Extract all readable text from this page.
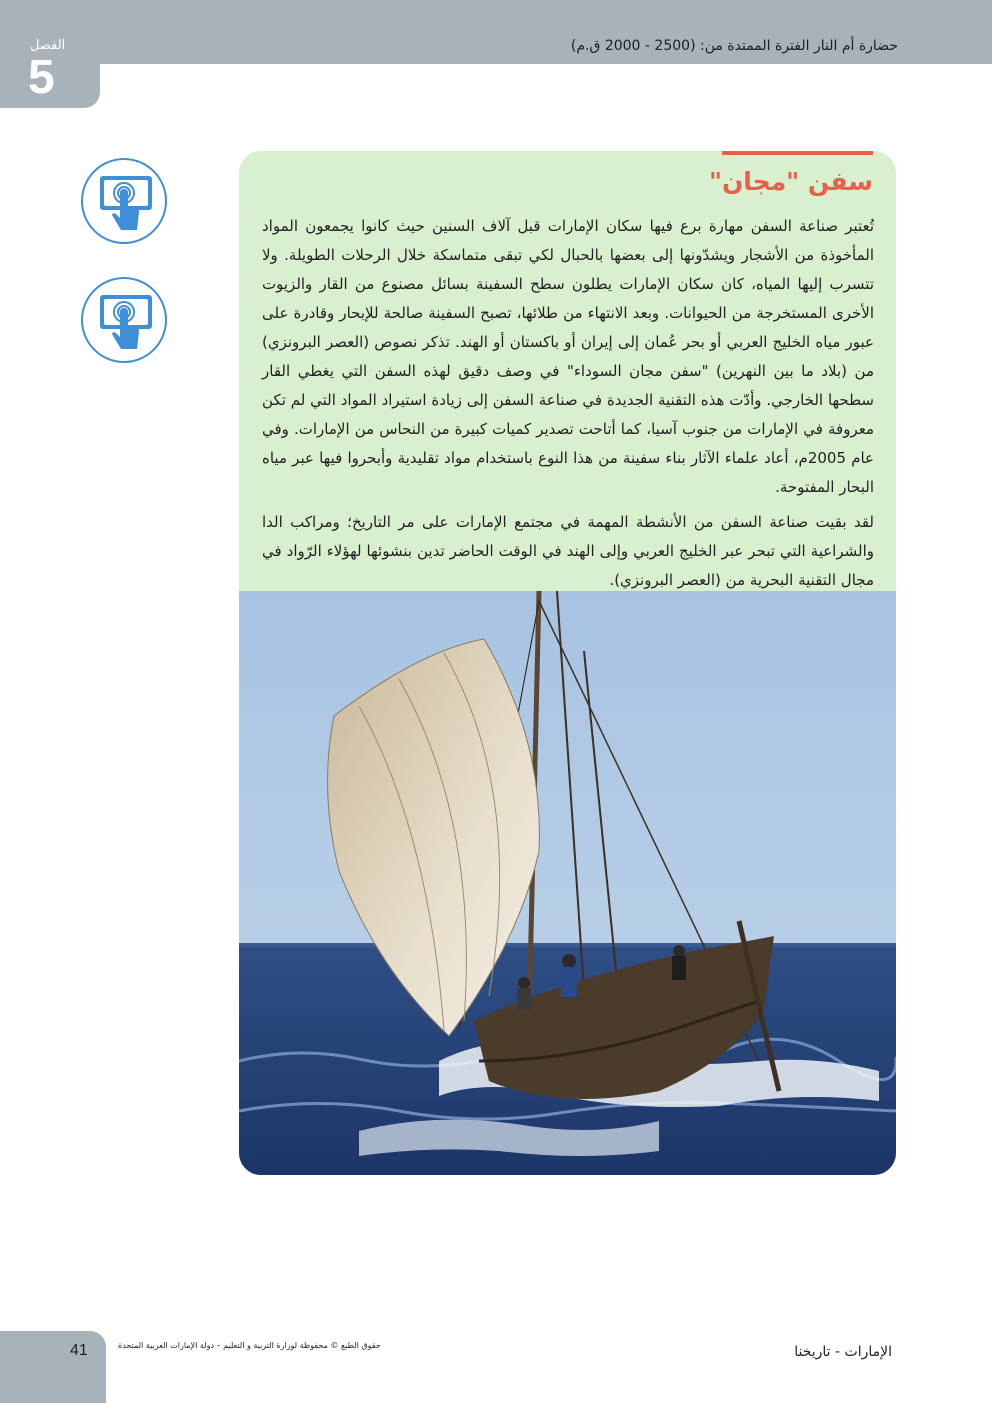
حضارة أم النار الفترة الممتدة من: (2500 - 2000 ق.م)
الفصل
5
سفن "مجان"

تُعتبر صناعة السفن مهارة برع فيها سكان الإمارات قبل آلاف السنين حيث كانوا يجمعون المواد المأخوذة من الأشجار ويشدّونها إلى بعضها بالحبال لكي تبقى متماسكة خلال الرحلات الطويلة. ولا تتسرب إليها المياه، كان سكان الإمارات يطلون سطح السفينة بسائل مصنوع من القار والزيوت الأخرى المستخرجة من الحيوانات. وبعد الانتهاء من طلائها، تصبح السفينة صالحة للإبحار وقادرة على عبور مياه الخليج العربي أو بحر عُمان إلى إيران أو باكستان أو الهند. تذكر نصوص (العصر البرونزي) من (بلاد ما بين النهرين) "سفن مجان السوداء" في وصف دقيق لهذه السفن التي يغطي القار سطحها الخارجي. وأدّت هذه التقنية الجديدة في صناعة السفن إلى زيادة استيراد المواد التي لم تكن معروفة في الإمارات من جنوب آسيا، كما أتاحت تصدير كميات كبيرة من النحاس من الإمارات. وفي عام 2005م، أعاد علماء الآثار بناء سفينة من هذا النوع باستخدام مواد تقليدية وأبحروا فيها عبر مياه البحار المفتوحة.

لقد بقيت صناعة السفن من الأنشطة المهمة في مجتمع الإمارات على مر التاريخ؛ ومراكب الدا والشراعية التي تبحر عبر الخليج العربي وإلى الهند في الوقت الحاضر تدين بنشوئها لهؤلاء الرّواد في مجال التقنية البحرية من (العصر البرونزي).

41	حقوق الطبع © محفوظة لوزارة التربية و التعليم – دولة الإمارات العربية المتحدة	الإمارات - تاريخنا
